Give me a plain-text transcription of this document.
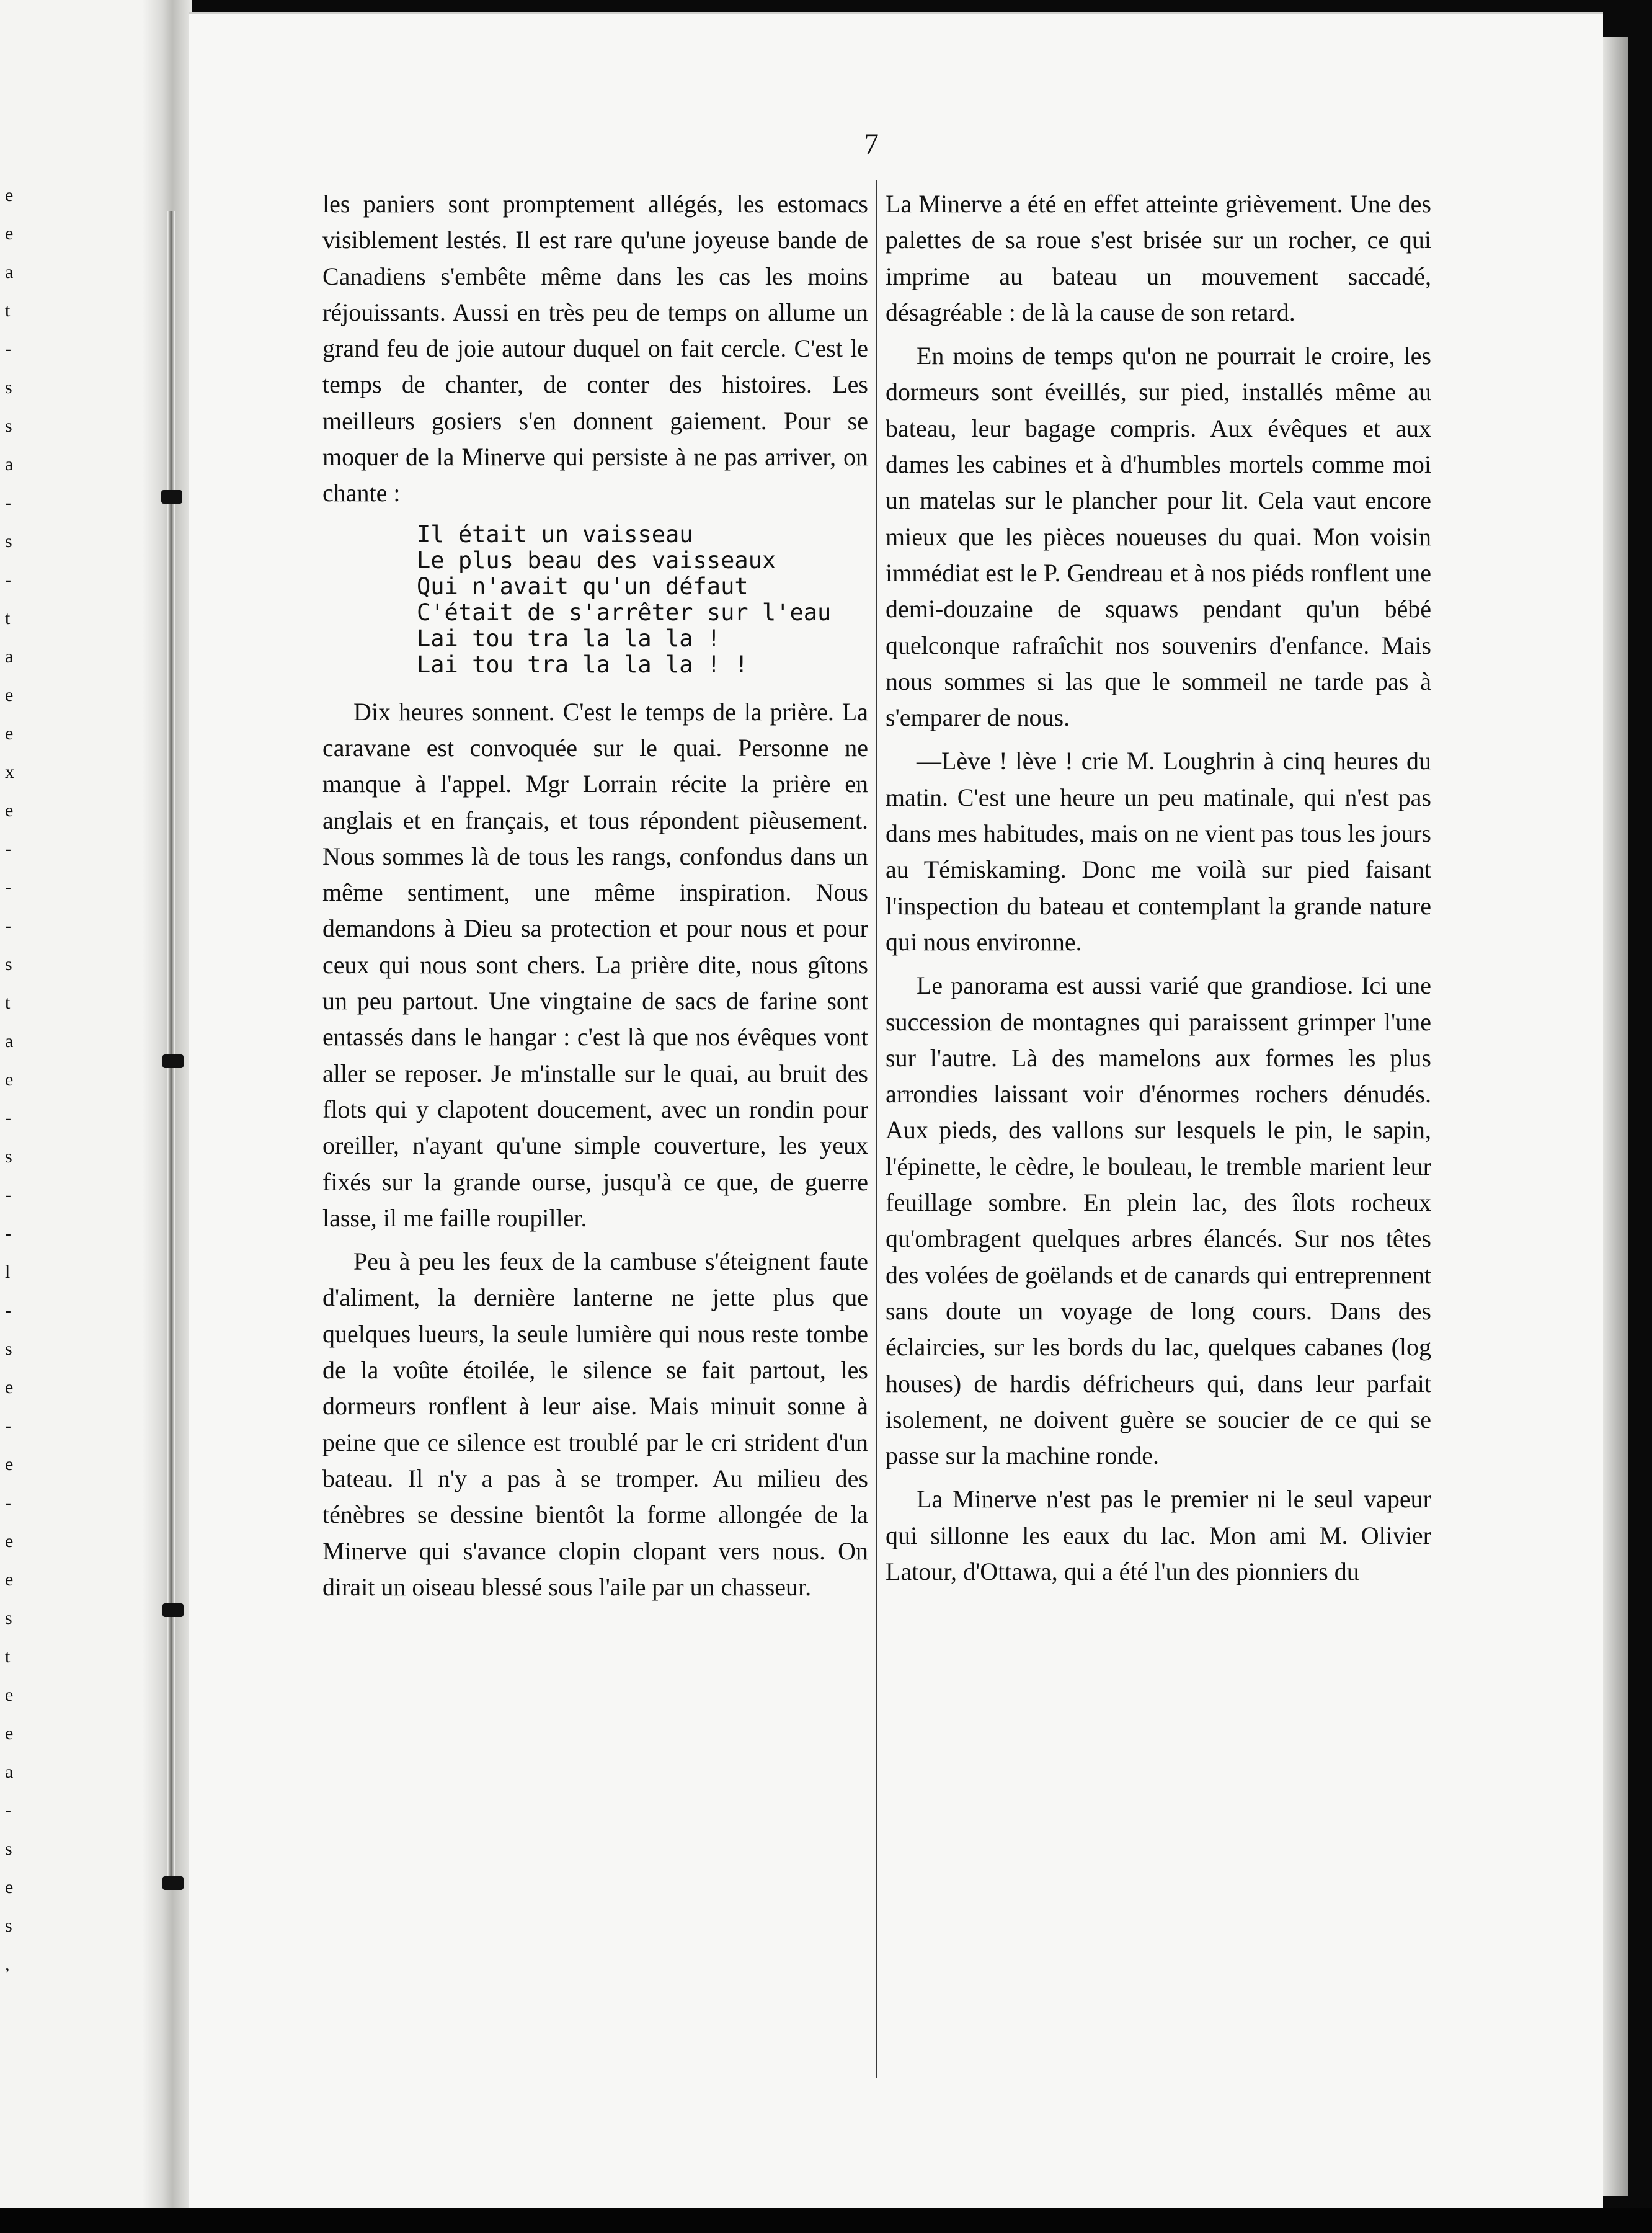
e
e
a
t
-
s
s
a
-
s
-
t
a
e
e
x
e
-
-
-
s
t
a
e
-
s
-
-
l
-
s
e
-
e
-
e
e
s
t
e
e
a
-
s
e
s
,
7

les paniers sont promptement allégés, les estomacs visiblement lestés. Il est rare qu'une joyeuse bande de Canadiens s'embête même dans les cas les moins réjouissants. Aussi en très peu de temps on allume un grand feu de joie autour duquel on fait cercle. C'est le temps de chanter, de conter des histoires. Les meilleurs gosiers s'en donnent gaiement. Pour se moquer de la Minerve qui persiste à ne pas arriver, on chante :

Il était un vaisseau
Le plus beau des vaisseaux
Qui n'avait qu'un défaut
C'était de s'arrêter sur l'eau
Lai tou tra la la la !
Lai tou tra la la la ! !

Dix heures sonnent. C'est le temps de la prière. La caravane est convoquée sur le quai. Personne ne manque à l'appel. Mgr Lorrain récite la prière en anglais et en français, et tous répondent pièusement. Nous sommes là de tous les rangs, confondus dans un même sentiment, une même inspiration. Nous demandons à Dieu sa protection et pour nous et pour ceux qui nous sont chers. La prière dite, nous gîtons un peu partout. Une vingtaine de sacs de farine sont entassés dans le hangar : c'est là que nos évêques vont aller se reposer. Je m'installe sur le quai, au bruit des flots qui y clapotent doucement, avec un rondin pour oreiller, n'ayant qu'une simple couverture, les yeux fixés sur la grande ourse, jusqu'à ce que, de guerre lasse, il me faille roupiller.

Peu à peu les feux de la cambuse s'éteignent faute d'aliment, la dernière lanterne ne jette plus que quelques lueurs, la seule lumière qui nous reste tombe de la voûte étoilée, le silence se fait partout, les dormeurs ronflent à leur aise. Mais minuit sonne à peine que ce silence est troublé par le cri strident d'un bateau. Il n'y a pas à se tromper. Au milieu des ténèbres se dessine bientôt la forme allongée de la Minerve qui s'avance clopin clopant vers nous. On dirait un oiseau blessé sous l'aile par un chasseur.

La Minerve a été en effet atteinte grièvement. Une des palettes de sa roue s'est brisée sur un rocher, ce qui imprime au bateau un mouvement saccadé, désagréable : de là la cause de son retard.

En moins de temps qu'on ne pourrait le croire, les dormeurs sont éveillés, sur pied, installés même au bateau, leur bagage compris. Aux évêques et aux dames les cabines et à d'humbles mortels comme moi un matelas sur le plancher pour lit. Cela vaut encore mieux que les pièces noueuses du quai. Mon voisin immédiat est le P. Gendreau et à nos piéds ronflent une demi-douzaine de squaws pendant qu'un bébé quelconque rafraîchit nos souvenirs d'enfance. Mais nous sommes si las que le sommeil ne tarde pas à s'emparer de nous.

—Lève ! lève ! crie M. Loughrin à cinq heures du matin. C'est une heure un peu matinale, qui n'est pas dans mes habitudes, mais on ne vient pas tous les jours au Témiskaming. Donc me voilà sur pied faisant l'inspection du bateau et contemplant la grande nature qui nous environne.

Le panorama est aussi varié que grandiose. Ici une succession de montagnes qui paraissent grimper l'une sur l'autre. Là des mamelons aux formes les plus arrondies laissant voir d'énormes rochers dénudés. Aux pieds, des vallons sur lesquels le pin, le sapin, l'épinette, le cèdre, le bouleau, le tremble marient leur feuillage sombre. En plein lac, des îlots rocheux qu'ombragent quelques arbres élancés. Sur nos têtes des volées de goëlands et de canards qui entreprennent sans doute un voyage de long cours. Dans des éclaircies, sur les bords du lac, quelques cabanes (log houses) de hardis défricheurs qui, dans leur parfait isolement, ne doivent guère se soucier de ce qui se passe sur la machine ronde.

La Minerve n'est pas le premier ni le seul vapeur qui sillonne les eaux du lac. Mon ami M. Olivier Latour, d'Ottawa, qui a été l'un des pionniers du
